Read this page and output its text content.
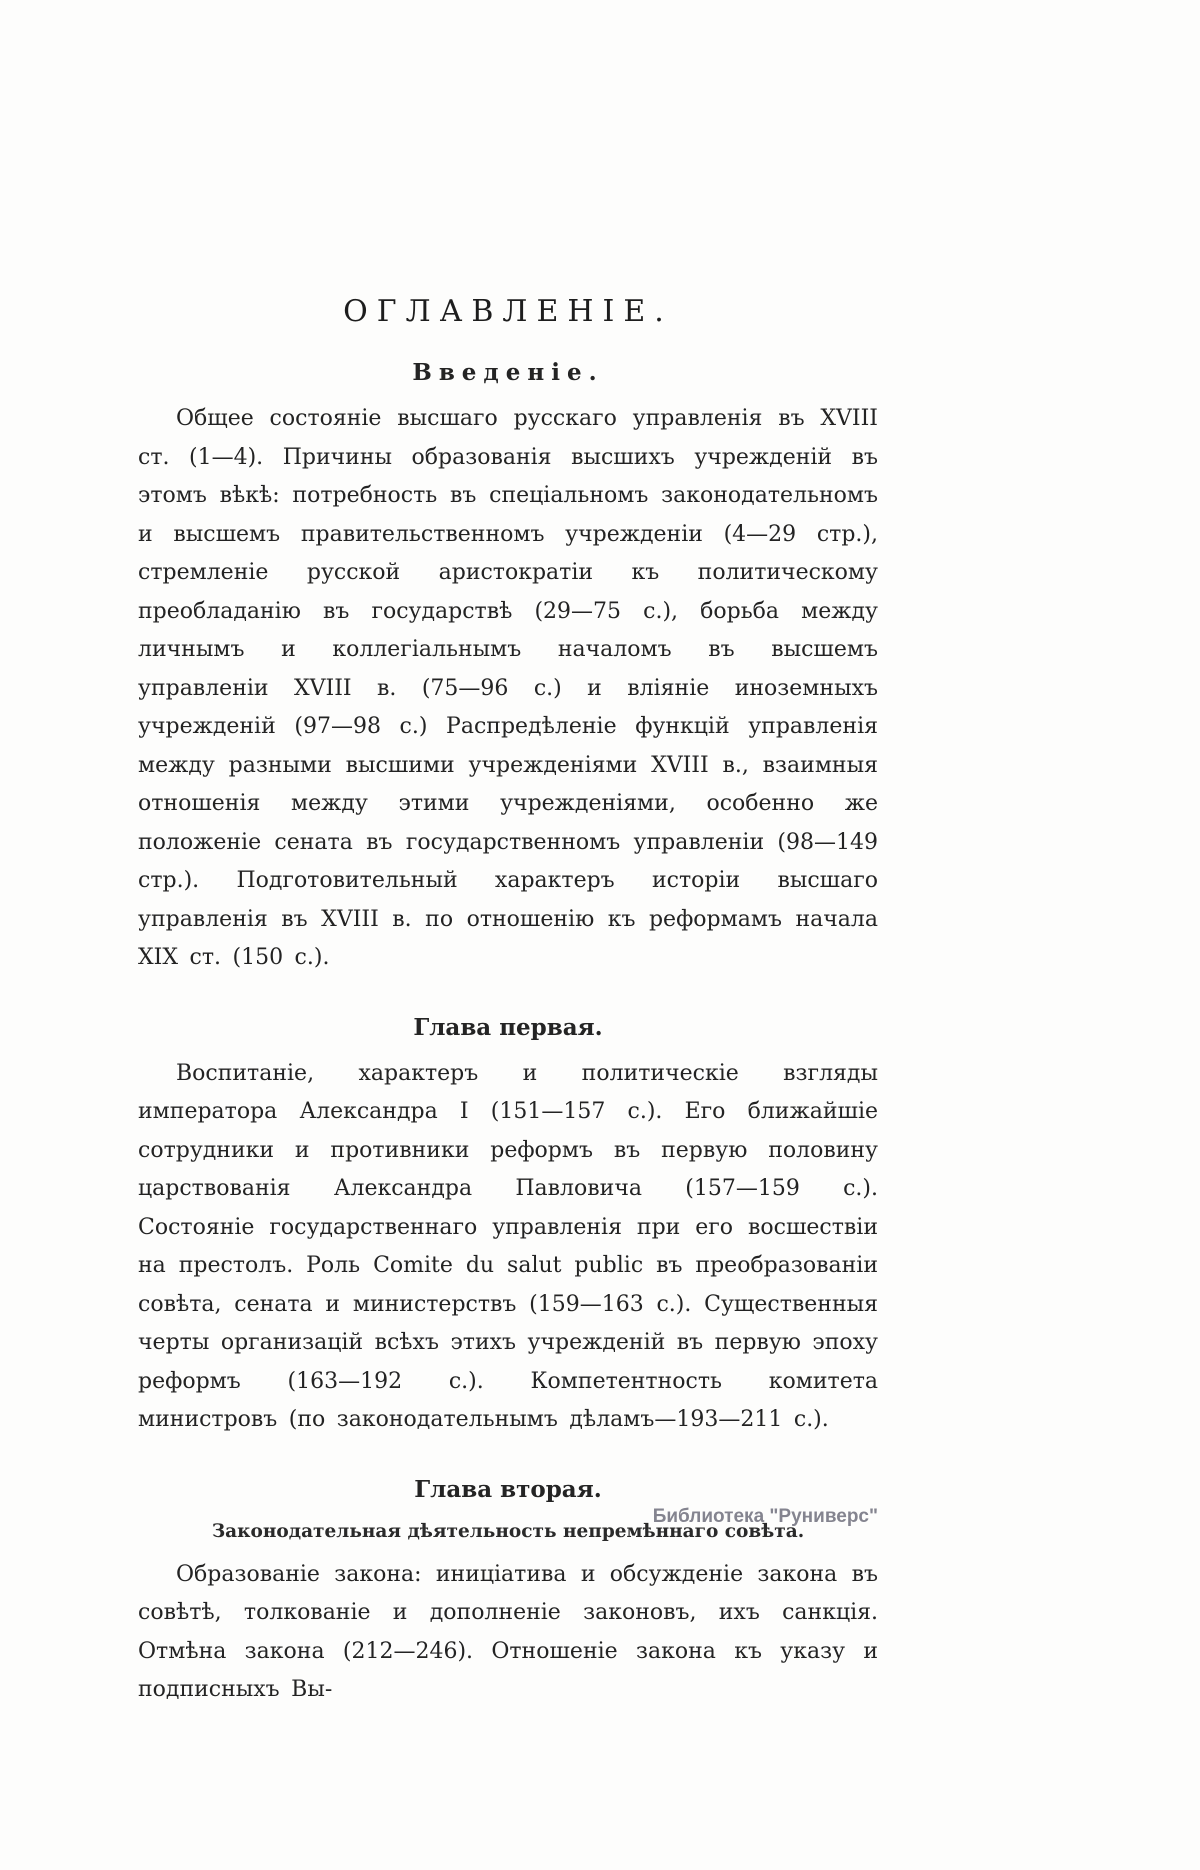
ОГЛАВЛЕНІЕ.
Введеніе.

Общее состояніе высшаго русскаго управленія въ XVIII ст. (1—4). Причины образованія высшихъ учрежденій въ этомъ вѣкѣ: потребность въ спеціальномъ законодательномъ и высшемъ правительственномъ учрежденіи (4—29 стр.), стремленіе русской аристократіи къ политическому преобладанію въ государствѣ (29—75 с.), борьба между личнымъ и коллегіальнымъ началомъ въ высшемъ управленіи XVIII в. (75—96 с.) и вліяніе иноземныхъ учрежденій (97—98 с.) Распредѣленіе функцій управленія между разными высшими учрежденіями XVIII в., взаимныя отношенія между этими учрежденіями, особенно же положеніе сената въ государственномъ управленіи (98—149 стр.). Подготовительный характеръ исторіи высшаго управленія въ XVIII в. по отношенію къ реформамъ начала XIX ст. (150 с.).

Глава первая.

Воспитаніе, характеръ и политическіе взгляды императора Александра I (151—157 с.). Его ближайшіе сотрудники и противники реформъ въ первую половину царствованія Александра Павловича (157—159 с.). Состояніе государственнаго управленія при его восшествіи на престолъ. Роль Comite du salut public въ преобразованіи совѣта, сената и министерствъ (159—163 с.). Существенныя черты организацій всѣхъ этихъ учрежденій въ первую эпоху реформъ (163—192 с.). Компетентность комитета министровъ (по законодательнымъ дѣламъ—193—211 с.).

Глава вторая.
Законодательная дѣятельность непремѣннаго совѣта.

Образованіе закона: иниціатива и обсужденіе закона въ совѣтѣ, толкованіе и дополненіе законовъ, ихъ санкція. Отмѣна закона (212—246). Отношеніе закона къ указу и подписныхъ Вы-

Библиотека "Руниверс"
